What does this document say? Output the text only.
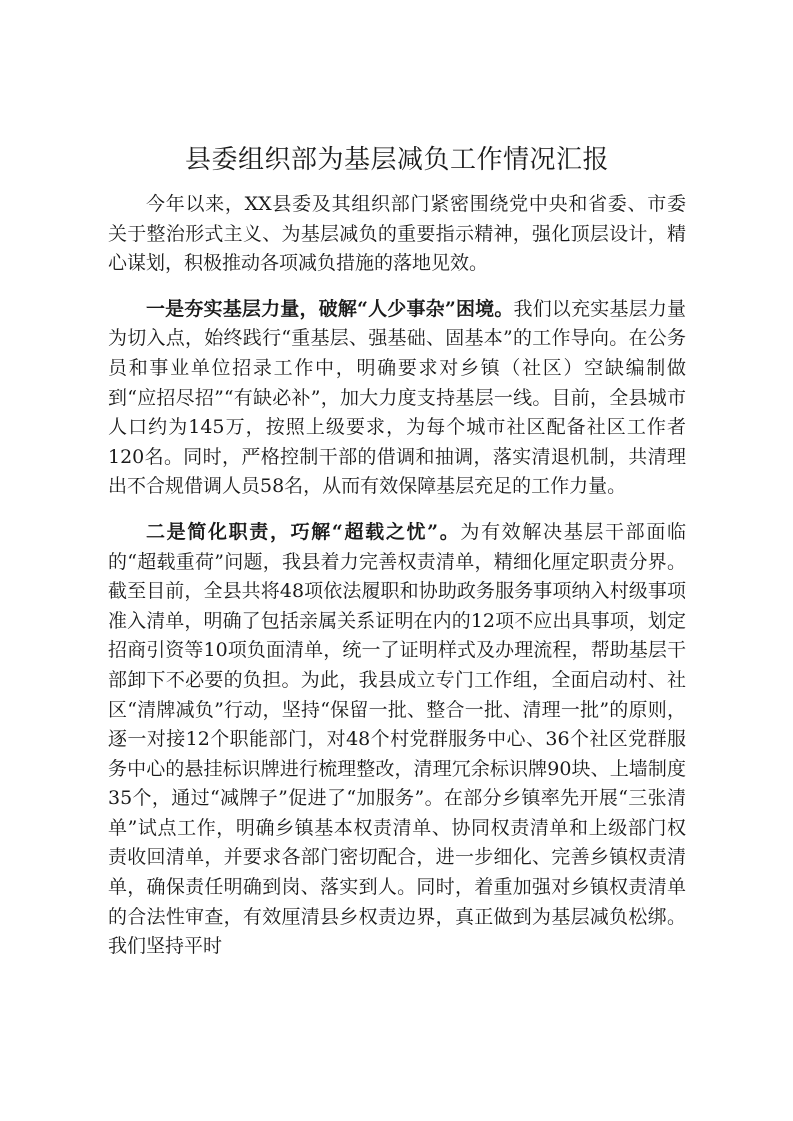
县委组织部为基层减负工作情况汇报

今年以来，XX县委及其组织部门紧密围绕党中央和省委、市委关于整治形式主义、为基层减负的重要指示精神，强化顶层设计，精心谋划，积极推动各项减负措施的落地见效。

一是夯实基层力量，破解“人少事杂”困境。我们以充实基层力量为切入点，始终践行“重基层、强基础、固基本”的工作导向。在公务员和事业单位招录工作中，明确要求对乡镇（社区）空缺编制做到“应招尽招”“有缺必补”，加大力度支持基层一线。目前，全县城市人口约为145万，按照上级要求，为每个城市社区配备社区工作者120名。同时，严格控制干部的借调和抽调，落实清退机制，共清理出不合规借调人员58名，从而有效保障基层充足的工作力量。

二是简化职责，巧解“超载之忧”。为有效解决基层干部面临的“超载重荷”问题，我县着力完善权责清单，精细化厘定职责分界。截至目前，全县共将48项依法履职和协助政务服务事项纳入村级事项准入清单，明确了包括亲属关系证明在内的12项不应出具事项，划定招商引资等10项负面清单，统一了证明样式及办理流程，帮助基层干部卸下不必要的负担。为此，我县成立专门工作组，全面启动村、社区“清牌减负”行动，坚持“保留一批、整合一批、清理一批”的原则，逐一对接12个职能部门，对48个村党群服务中心、36个社区党群服务中心的悬挂标识牌进行梳理整改，清理冗余标识牌90块、上墙制度35个，通过“减牌子”促进了“加服务”。在部分乡镇率先开展“三张清单”试点工作，明确乡镇基本权责清单、协同权责清单和上级部门权责收回清单，并要求各部门密切配合，进一步细化、完善乡镇权责清单，确保责任明确到岗、落实到人。同时，着重加强对乡镇权责清单的合法性审查，有效厘清县乡权责边界，真正做到为基层减负松绑。我们坚持平时
